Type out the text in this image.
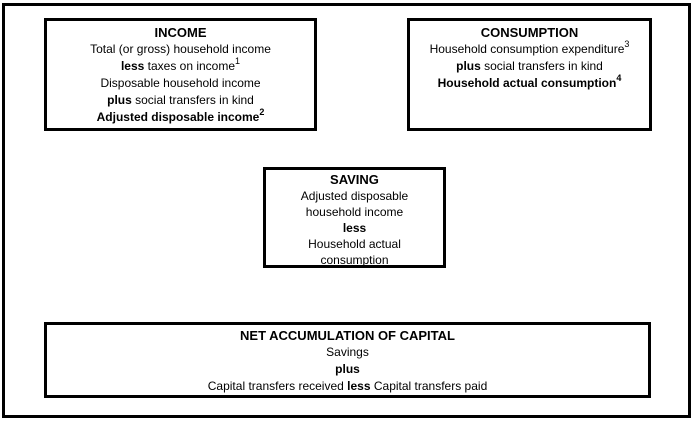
INCOME
Total (or gross) household income
less taxes on income$^1$
Disposable household income
plus social transfers in kind
Adjusted disposable income$^2$
CONSUMPTION
Household consumption expenditure$^3$
plus social transfers in kind
Household actual consumption$^4$
SAVING
Adjusted disposable
household income
less
Household actual
consumption
NET ACCUMULATION OF CAPITAL
Savings
plus
Capital transfers received less Capital transfers paid
